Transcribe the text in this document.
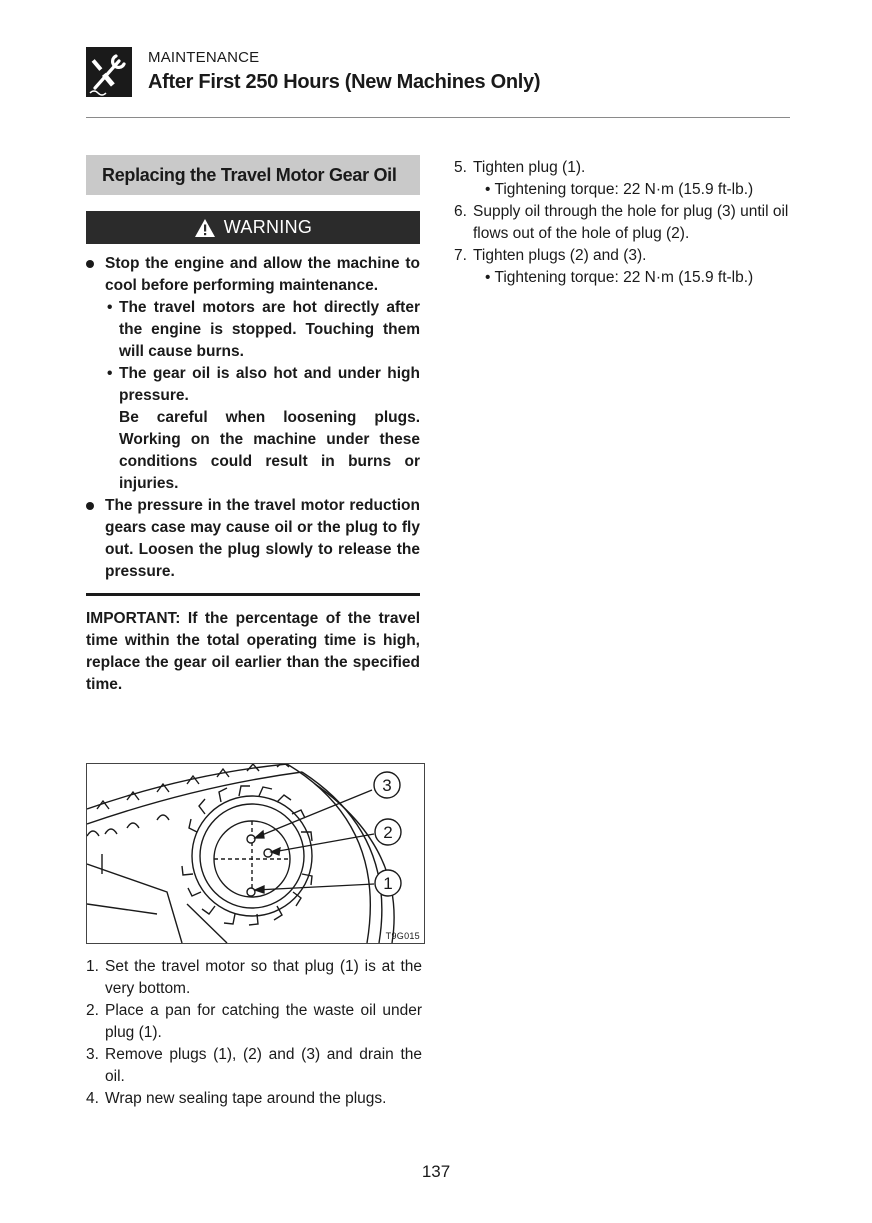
MAINTENANCE
After First 250 Hours (New Machines Only)
Replacing the Travel Motor Gear Oil
WARNING
Stop the engine and allow the machine to cool before performing maintenance.
• The travel motors are hot directly after the engine is stopped. Touching them will cause burns.

• The gear oil is also hot and under high pressure.

Be careful when loosening plugs. Working on the machine under these conditions could result in burns or injuries.

The pressure in the travel motor reduction gears case may cause oil or the plug to fly out. Loosen the plug slowly to release the pressure.
IMPORTANT: If the percentage of the travel time within the total operating time is high, replace the gear oil earlier than the specified time.
3
2
1
T9G015
1. Set the travel motor so that plug (1) is at the very bottom.
2. Place a pan for catching the waste oil under plug (1).
3. Remove plugs (1), (2) and (3) and drain the oil.
4. Wrap new sealing tape around the plugs.
5. Tighten plug (1).
• Tightening torque: 22 N·m (15.9 ft-lb.)
6. Supply oil through the hole for plug (3) until oil flows out of the hole of plug (2).
7. Tighten plugs (2) and (3).
• Tightening torque: 22 N·m (15.9 ft-lb.)
137
